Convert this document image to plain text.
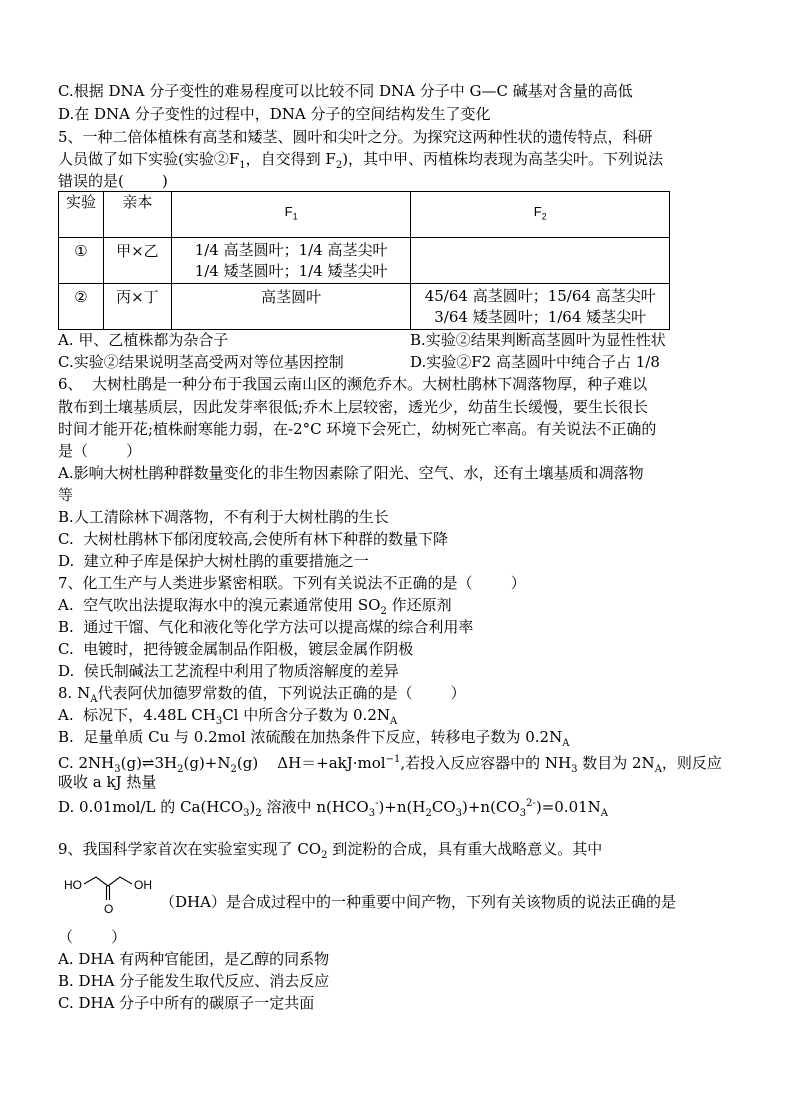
C.根据 DNA 分子变性的难易程度可以比较不同 DNA 分子中 G—C 碱基对含量的高低
D.在 DNA 分子变性的过程中，DNA 分子的空间结构发生了变化
5、一种二倍体植株有高茎和矮茎、圆叶和尖叶之分。为探究这两种性状的遗传特点，科研
人员做了如下实验(实验$②F_1$，自交得到 $F_2$)，其中甲、丙植株均表现为高茎尖叶。下列说法
错误的是(        )
实验	亲本	$F_1$	$F_2$
①	甲×乙	1/4 高茎圆叶；1/4 高茎尖叶
1/4 矮茎圆叶；1/4 矮茎尖叶	

②	丙×丁	高茎圆叶	45/64 高茎圆叶；15/64 高茎尖叶
3/64 矮茎圆叶；1/64 矮茎尖叶
A. 甲、乙植株都为杂合子	B.实验②结果判断高茎圆叶为显性性状
C.实验②结果说明茎高受两对等位基因控制	D.实验②F2 高茎圆叶中纯合子占 1/8
6、  大树杜鹃是一种分布于我国云南山区的濒危乔木。大树杜鹃林下凋落物厚，种子难以
散布到土壤基质层，因此发芽率很低;乔木上层较密，透光少，幼苗生长缓慢，要生长很长
时间才能开花;植株耐寒能力弱，在-2°C 环境下会死亡，幼树死亡率高。有关说法不正确的
是（        ）
A.影响大树杜鹃种群数量变化的非生物因素除了阳光、空气、水，还有土壤基质和凋落物
等
B.人工清除林下凋落物，不有利于大树杜鹃的生长
C.  大树杜鹃林下郁闭度较高,会使所有林下种群的数量下降
D.  建立种子库是保护大树杜鹃的重要措施之一
7、化工生产与人类进步紧密相联。下列有关说法不正确的是（        ）
A.  空气吹出法提取海水中的溴元素通常使用 $SO_2$ 作还原剂
B.  通过干馏、气化和液化等化学方法可以提高煤的综合利用率
C.  电镀时，把待镀金属制品作阳极，镀层金属作阴极
D.  侯氏制碱法工艺流程中利用了物质溶解度的差异
8. $N_A$代表阿伏加德罗常数的值，下列说法正确的是（        ）
A.  标况下，4.48L $CH_3Cl$ 中所含分子数为 $0.2N_A$
B.  足量单质 Cu 与 0.2mol 浓硫酸在加热条件下反应，转移电子数为 $0.2N_A$
C. $2NH_3(g)\rightleftharpoons 3H_2(g)+N_2(g)$    ΔH＝+akJ·mol$^{-1}$,若投入反应容器中的 $NH_3$ 数目为 $2N_A$，则反应
吸收 a kJ 热量
D. 0.01mol/L 的 $Ca(HCO_3)_2$ 溶液中 $n(HCO_3^-)+n(H_2CO_3)+n(CO_3^{2-})=0.01N_A$
9、我国科学家首次在实验室实现了 $CO_2$ 到淀粉的合成，具有重大战略意义。其中
HO	OH
O	（DHA）是合成过程中的一种重要中间产物，下列有关该物质的说法正确的是
（        ）
A. DHA 有两种官能团，是乙醇的同系物
B. DHA 分子能发生取代反应、消去反应
C. DHA 分子中所有的碳原子一定共面
